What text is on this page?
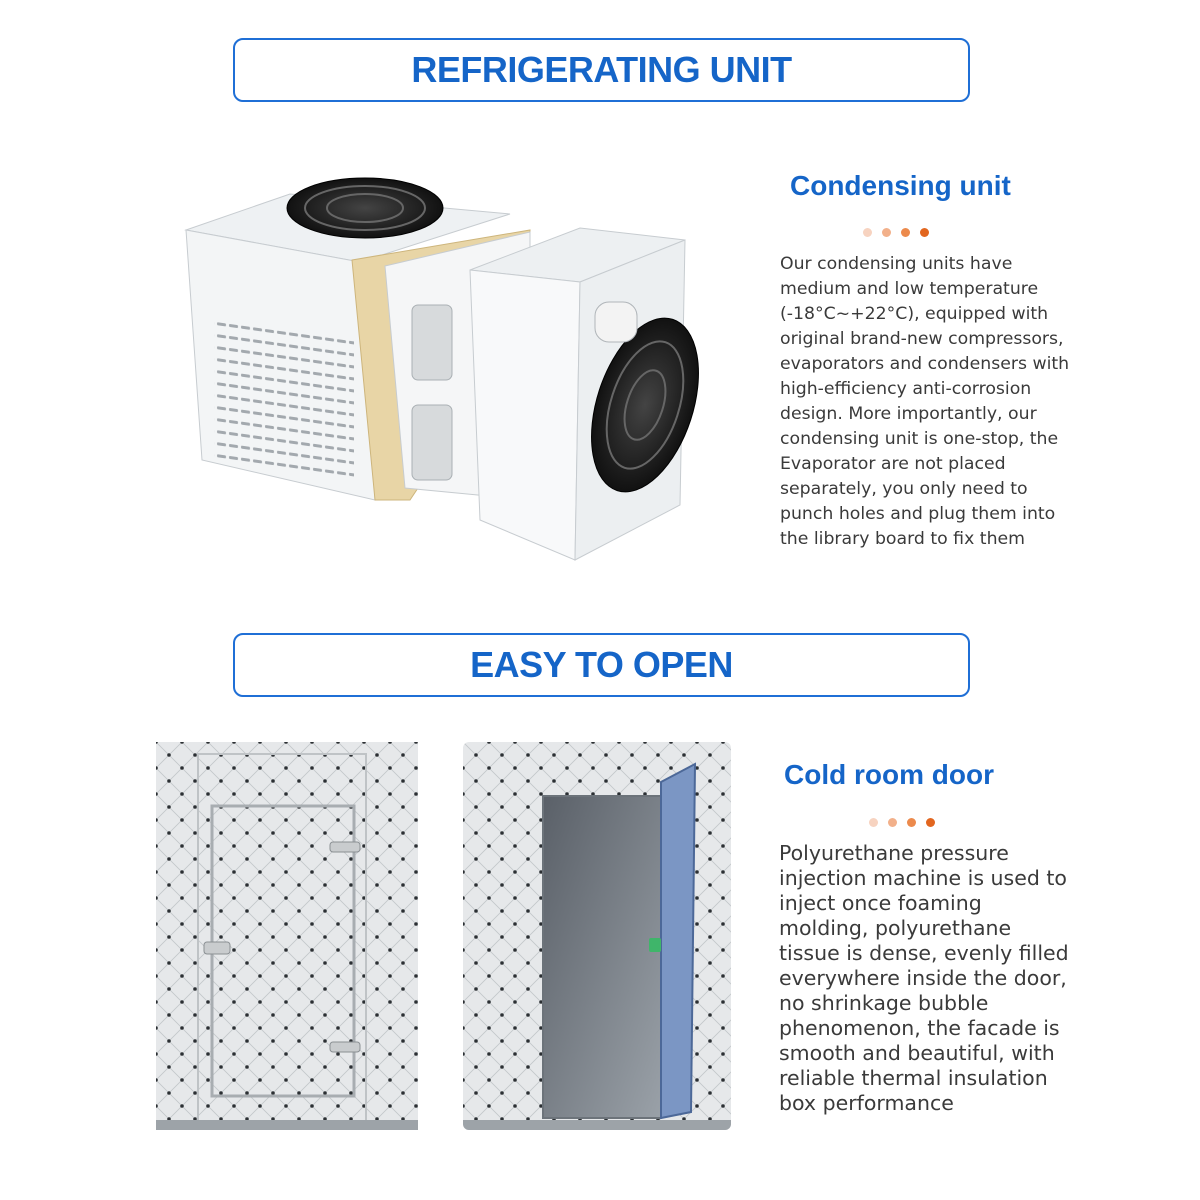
REFRIGERATING UNIT
Condensing unit
Our condensing units have
medium and low temperature
(-18°C~+22°C), equipped with
original brand-new compressors,
evaporators and condensers with
high-efficiency anti-corrosion
design. More importantly, our
condensing unit is one-stop, the
Evaporator are not placed
separately, you only need to
punch holes and plug them into
the library board to fix them
EASY TO OPEN
Cold room door
Polyurethane pressure
injection machine is used to
inject once foaming
molding, polyurethane
tissue is dense, evenly filled
everywhere inside the door,
no shrinkage bubble
phenomenon, the facade is
smooth and beautiful, with
reliable thermal insulation
box performance
